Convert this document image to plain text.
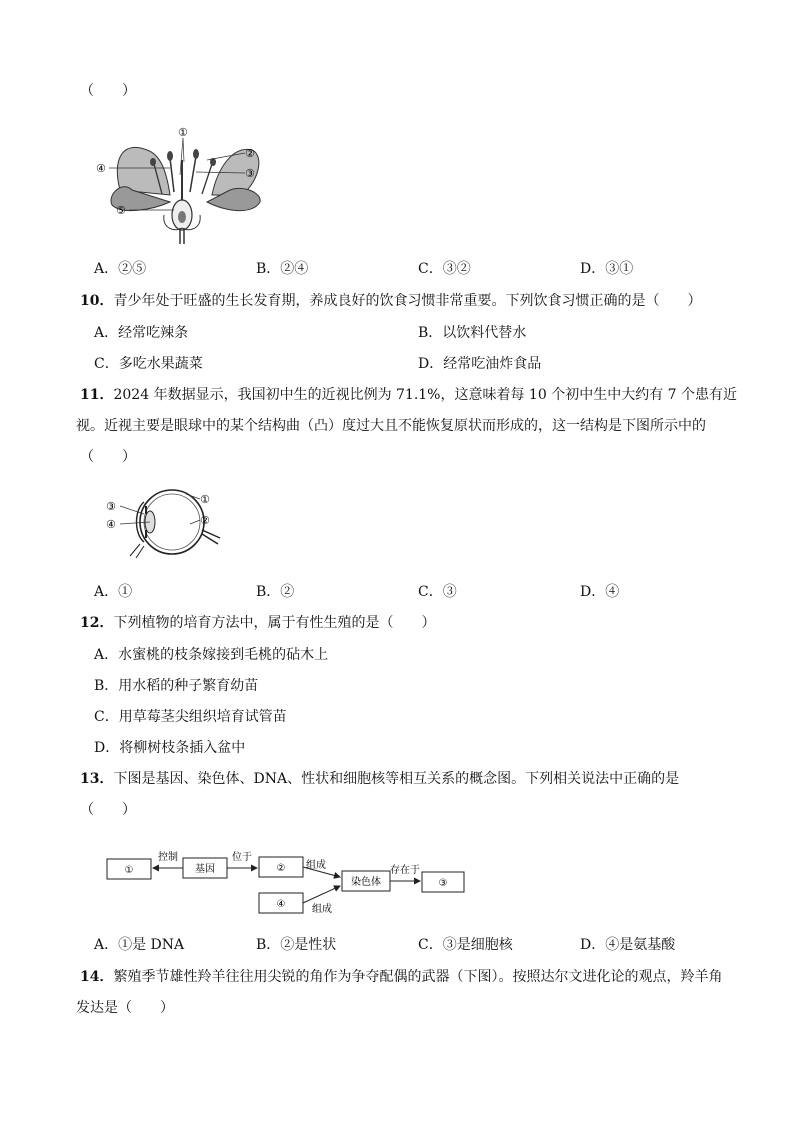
（　　）
①
②
③
④
⑤
A．②⑤	B．②④	C．③②	D．③①
10．青少年处于旺盛的生长发育期，养成良好的饮食习惯非常重要。下列饮食习惯正确的是（　　）
A．经常吃辣条	B．以饮料代替水
C．多吃水果蔬菜	D．经常吃油炸食品
11．2024 年数据显示，我国初中生的近视比例为 71.1%，这意味着每 10 个初中生中大约有 7 个患有近
视。近视主要是眼球中的某个结构曲（凸）度过大且不能恢复原状而形成的，这一结构是下图所示中的
（　　）
①
②
③
④
A．①	B．②	C．③	D．④
12．下列植物的培育方法中，属于有性生殖的是（　　）
A．水蜜桃的枝条嫁接到毛桃的砧木上
B．用水稻的种子繁育幼苗
C．用草莓茎尖组织培育试管苗
D．将柳树枝条插入盆中
13．下图是基因、染色体、DNA、性状和细胞核等相互关系的概念图。下列相关说法中正确的是
（　　）
①	基因	②
染色体	③
④
控制	位于
组成
组成
存在于
A．①是 DNA	B．②是性状	C．③是细胞核	D．④是氨基酸
14．繁殖季节雄性羚羊往往用尖锐的角作为争夺配偶的武器（下图）。按照达尔文进化论的观点，羚羊角
发达是（　　）
